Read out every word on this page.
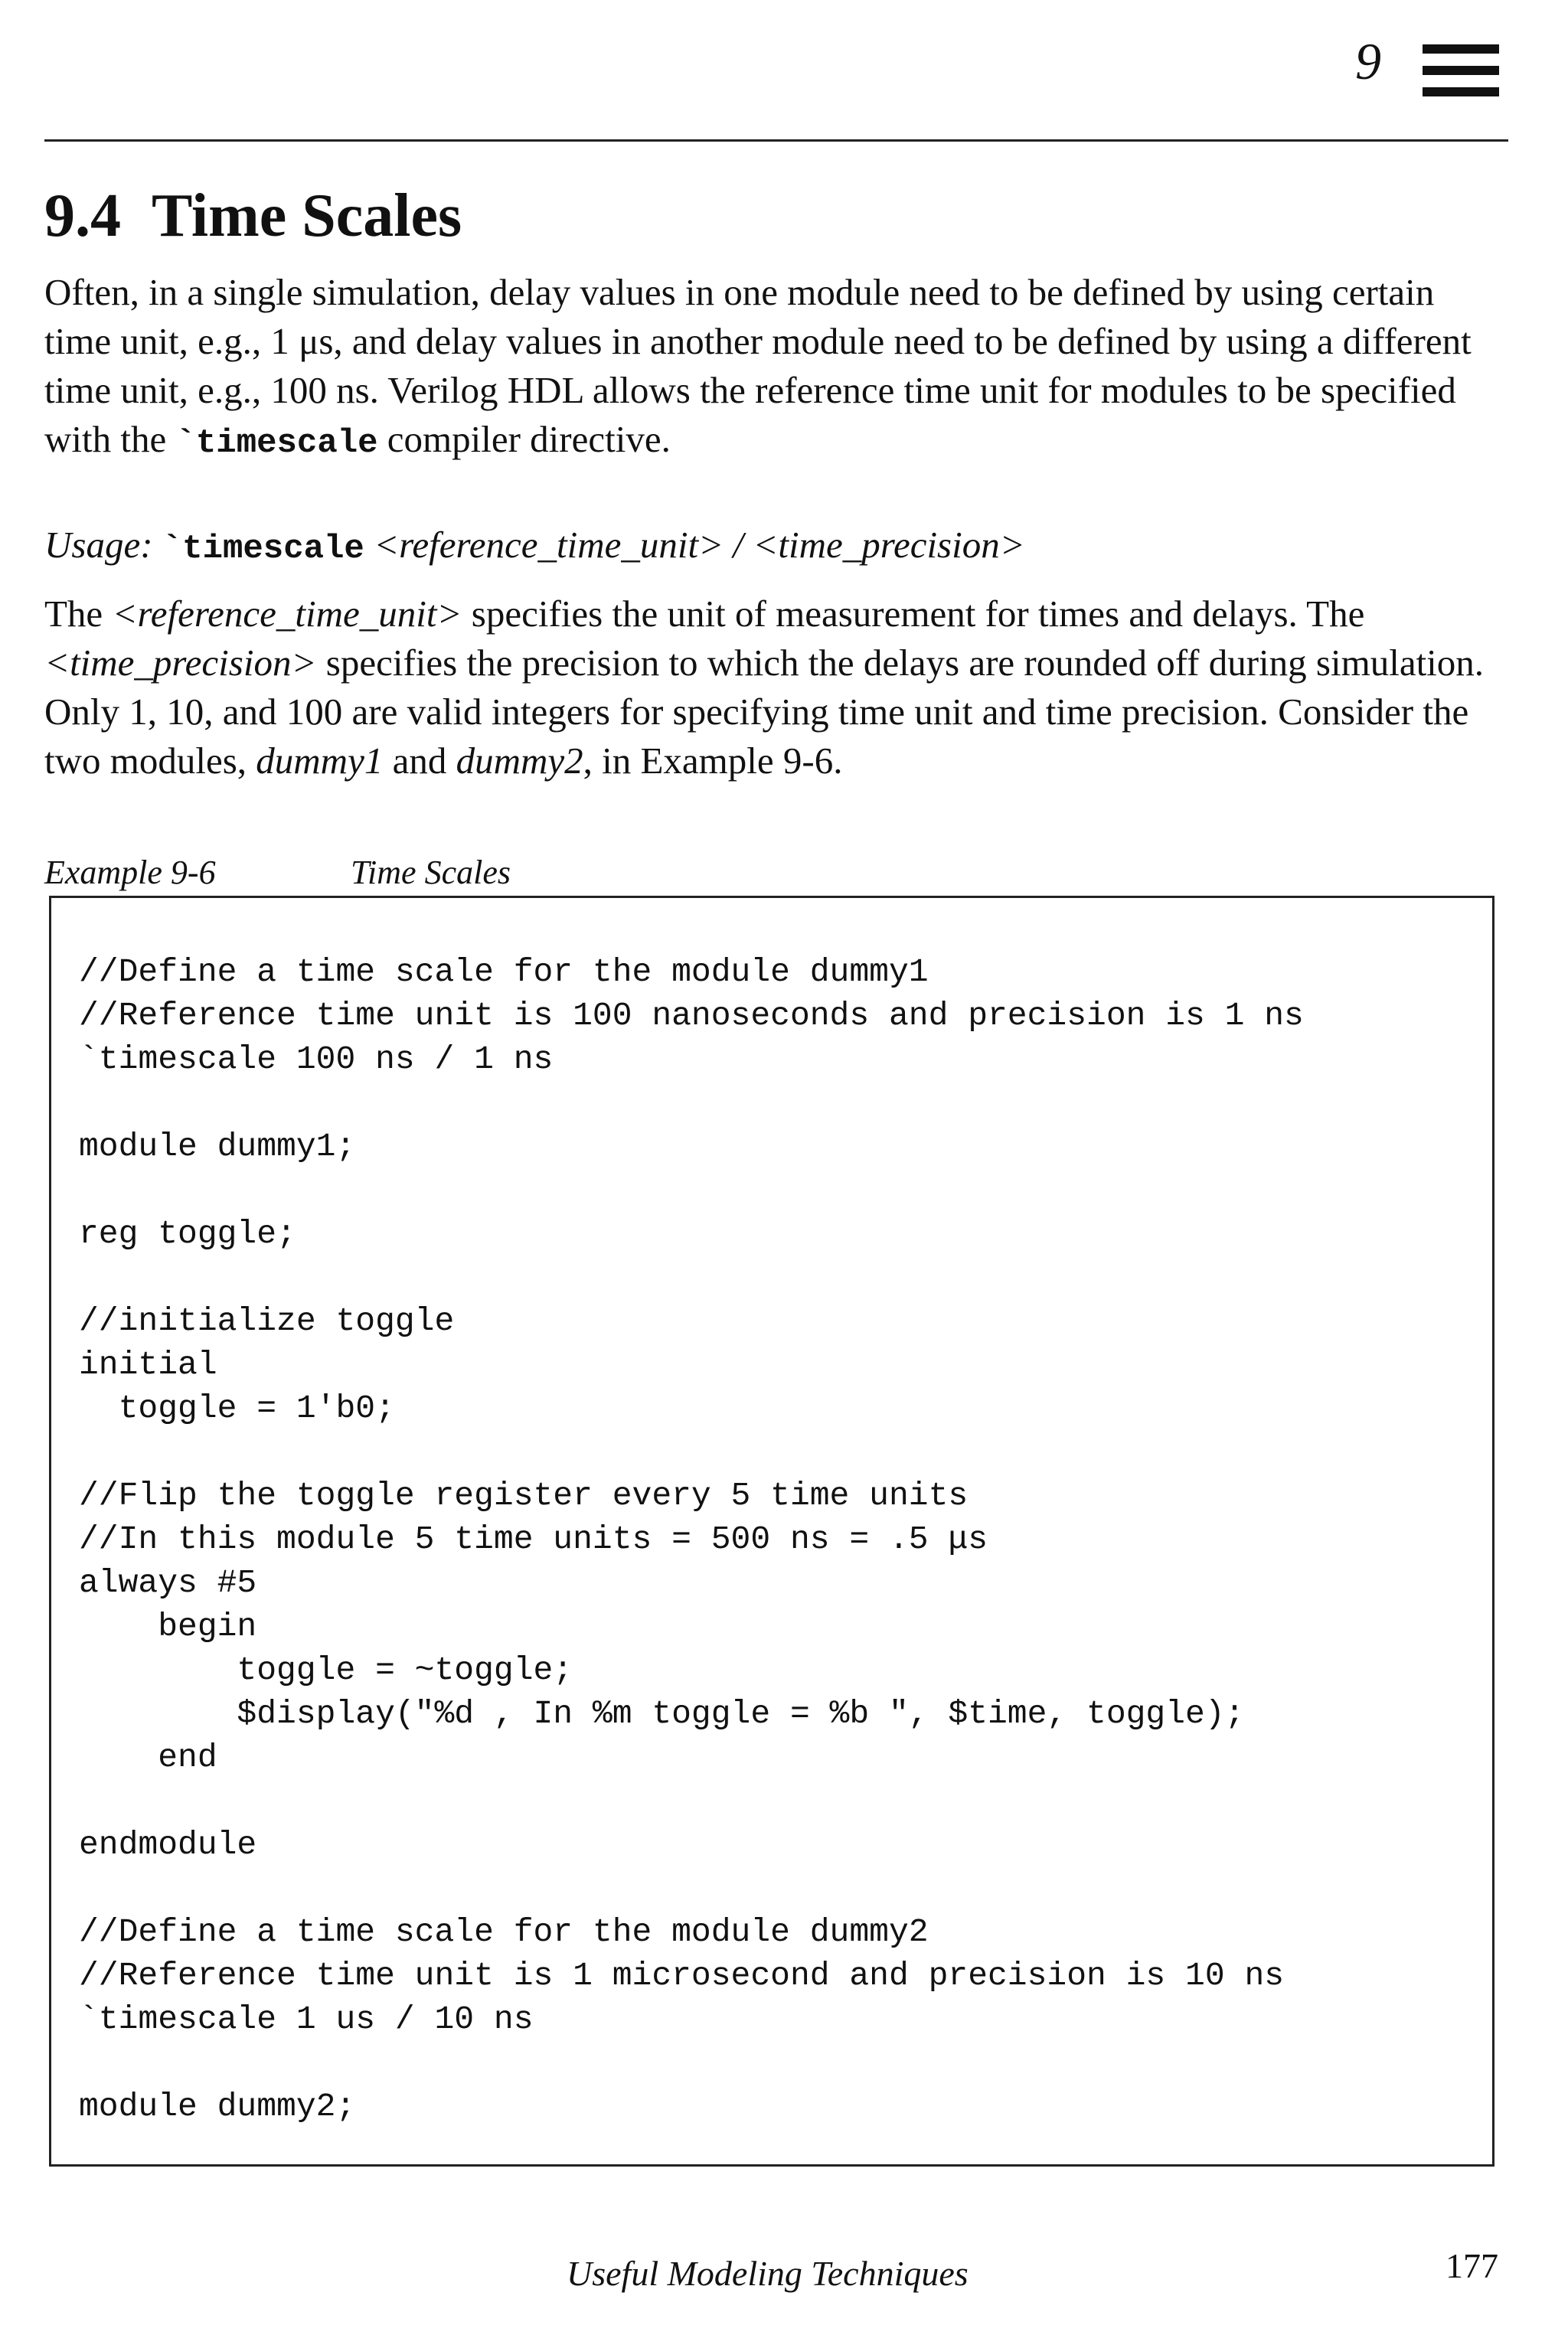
9
9.4 Time Scales

Often, in a single simulation, delay values in one module need to be defined by using certain time unit, e.g., 1 μs, and delay values in another module need to be defined by using a different time unit, e.g., 100 ns. Verilog HDL allows the reference time unit for modules to be specified with the `timescale compiler directive.

Usage: `timescale <reference_time_unit> / <time_precision>

The <reference_time_unit> specifies the unit of measurement for times and delays. The <time_precision> specifies the precision to which the delays are rounded off during simulation. Only 1, 10, and 100 are valid integers for specifying time unit and time precision. Consider the two modules, dummy1 and dummy2, in Example 9-6.

Example 9-6	Time Scales
//Define a time scale for the module dummy1
//Reference time unit is 100 nanoseconds and precision is 1 ns
`timescale 100 ns / 1 ns

module dummy1;

reg toggle;

//initialize toggle
initial
toggle = 1'b0;

//Flip the toggle register every 5 time units
//In this module 5 time units = 500 ns = .5 μs
always #5
begin
toggle = ~toggle;
$display("%d , In %m toggle = %b ", $time, toggle);
end

endmodule

//Define a time scale for the module dummy2
//Reference time unit is 1 microsecond and precision is 10 ns
`timescale 1 us / 10 ns

module dummy2;
Useful Modeling Techniques	177
